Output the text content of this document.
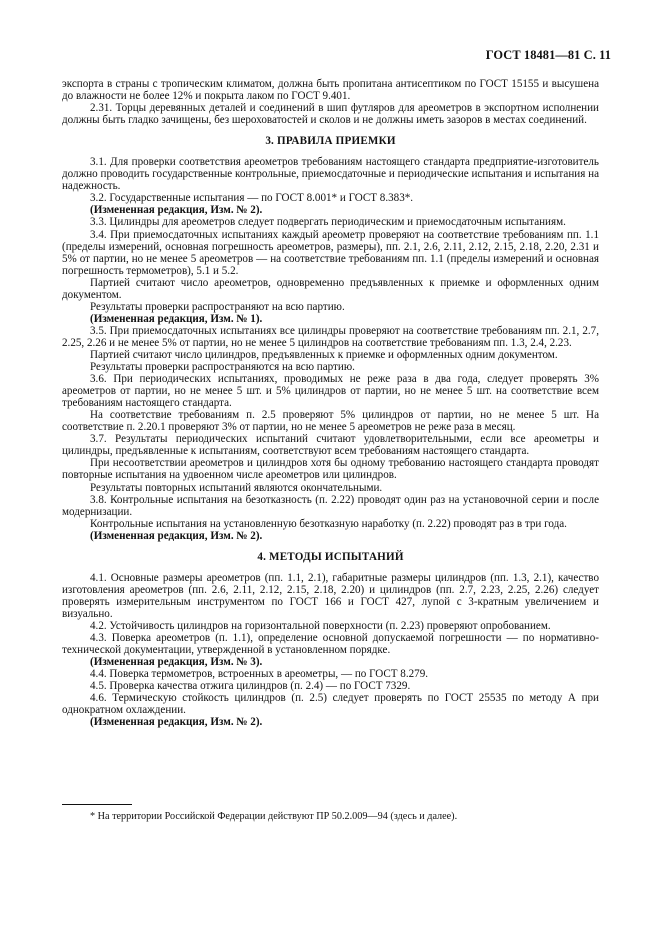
ГОСТ 18481—81 С. 11

экспорта в страны с тропическим климатом, должна быть пропитана антисептиком по ГОСТ 15155 и высушена до влажности не более 12% и покрыта лаком по ГОСТ 9.401.

2.31. Торцы деревянных деталей и соединений в шип футляров для ареометров в экспортном исполнении должны быть гладко зачищены, без шероховатостей и сколов и не должны иметь зазоров в местах соединений.

3. ПРАВИЛА ПРИЕМКИ

3.1. Для проверки соответствия ареометров требованиям настоящего стандарта предприятие-изготовитель должно проводить государственные контрольные, приемосдаточные и периодические испытания и испытания на надежность.

3.2. Государственные испытания — по ГОСТ 8.001* и ГОСТ 8.383*.

(Измененная редакция, Изм. № 2).

3.3. Цилиндры для ареометров следует подвергать периодическим и приемосдаточным испытаниям.

3.4. При приемосдаточных испытаниях каждый ареометр проверяют на соответствие требованиям пп. 1.1 (пределы измерений, основная погрешность ареометров, размеры), пп. 2.1, 2.6, 2.11, 2.12, 2.15, 2.18, 2.20, 2.31 и 5% от партии, но не менее 5 ареометров — на соответствие требованиям пп. 1.1 (пределы измерений и основная погрешность термометров), 5.1 и 5.2.

Партией считают число ареометров, одновременно предъявленных к приемке и оформленных одним документом.

Результаты проверки распространяют на всю партию.

(Измененная редакция, Изм. № 1).

3.5. При приемосдаточных испытаниях все цилиндры проверяют на соответствие требованиям пп. 2.1, 2.7, 2.25, 2.26 и не менее 5% от партии, но не менее 5 цилиндров на соответствие требованиям пп. 1.3, 2.4, 2.23.

Партией считают число цилиндров, предъявленных к приемке и оформленных одним документом.

Результаты проверки распространяются на всю партию.

3.6. При периодических испытаниях, проводимых не реже раза в два года, следует проверять 3% ареометров от партии, но не менее 5 шт. и 5% цилиндров от партии, но не менее 5 шт. на соответствие всем требованиям настоящего стандарта.

На соответствие требованиям п. 2.5 проверяют 5% цилиндров от партии, но не менее 5 шт. На соответствие п. 2.20.1 проверяют 3% от партии, но не менее 5 ареометров не реже раза в месяц.

3.7. Результаты периодических испытаний считают удовлетворительными, если все ареометры и цилиндры, предъявленные к испытаниям, соответствуют всем требованиям настоящего стандарта.

При несоответствии ареометров и цилиндров хотя бы одному требованию настоящего стандарта проводят повторные испытания на удвоенном числе ареометров или цилиндров.

Результаты повторных испытаний являются окончательными.

3.8. Контрольные испытания на безотказность (п. 2.22) проводят один раз на установочной серии и после модернизации.

Контрольные испытания на установленную безотказную наработку (п. 2.22) проводят раз в три года.

(Измененная редакция, Изм. № 2).

4. МЕТОДЫ ИСПЫТАНИЙ

4.1. Основные размеры ареометров (пп. 1.1, 2.1), габаритные размеры цилиндров (пп. 1.3, 2.1), качество изготовления ареометров (пп. 2.6, 2.11, 2.12, 2.15, 2.18, 2.20) и цилиндров (пп. 2.7, 2.23, 2.25, 2.26) следует проверять измерительным инструментом по ГОСТ 166 и ГОСТ 427, лупой с 3-кратным увеличением и визуально.

4.2. Устойчивость цилиндров на горизонтальной поверхности (п. 2.23) проверяют опробованием.

4.3. Поверка ареометров (п. 1.1), определение основной допускаемой погрешности — по нормативно-технической документации, утвержденной в установленном порядке.

(Измененная редакция, Изм. № 3).

4.4. Поверка термометров, встроенных в ареометры, — по ГОСТ 8.279.

4.5. Проверка качества отжига цилиндров (п. 2.4) — по ГОСТ 7329.

4.6. Термическую стойкость цилиндров (п. 2.5) следует проверять по ГОСТ 25535 по методу А при однократном охлаждении.

(Измененная редакция, Изм. № 2).

* На территории Российской Федерации действуют ПР 50.2.009—94 (здесь и далее).
